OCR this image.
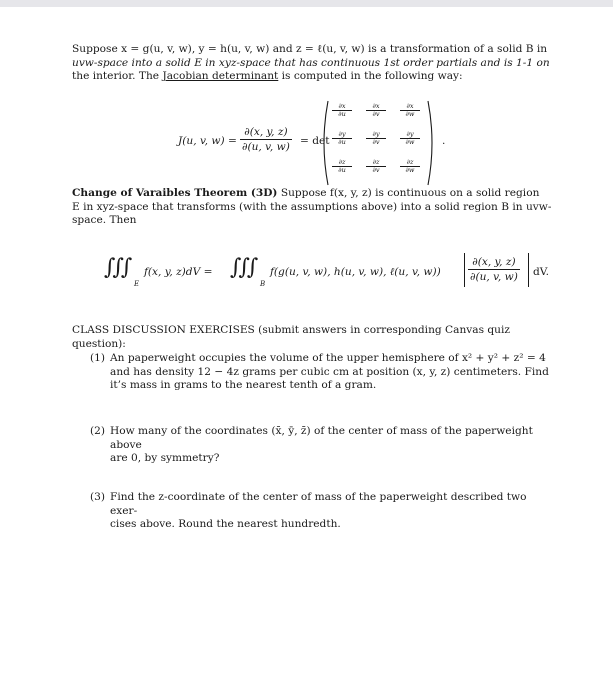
Suppose x = g(u, v, w), y = h(u, v, w) and z = ℓ(u, v, w) is a transformation of a solid B in
uvw-space into a solid E in xyz-space that has continuous 1st order partials and is 1-1 on
the interior. The Jacobian determinant is computed in the following way:
J(u, v, $w) = \frac{\partial(x, y, z)}{\partial(u, v, w)} = \det$
∂x
∂u
∂x
∂v
∂x
∂w
∂y
∂u
∂y
∂v
∂y
∂w
∂z
∂u
∂z
∂v
∂z
∂w
.
Change of Varaibles Theorem (3D) Suppose f(x, y, z) is continuous on a solid region
E in xyz-space that transforms (with the assumptions above) into a solid region B in uvw-
space. Then
∫∫∫
E
f(x, y, z)dV = ∫∫∫
B
f(g(u, v, w), h(u, v, w), ℓ(u, v, w))	$\frac{\partial(x, y, z)}{\partial(u, v, w)}$ dV.
CLASS DISCUSSION EXERCISES (submit answers in corresponding Canvas quiz question):
(1) An paperweight occupies the volume of the upper hemisphere of x² + y² + z² = 4
and has density 12 − 4z grams per cubic cm at position (x, y, z) centimeters. Find
it’s mass in grams to the nearest tenth of a gram.
(2) How many of the coordinates (x̄, ȳ, z̄) of the center of mass of the paperweight above
are 0, by symmetry?
(3) Find the z-coordinate of the center of mass of the paperweight described two exer-
cises above. Round the nearest hundredth.
